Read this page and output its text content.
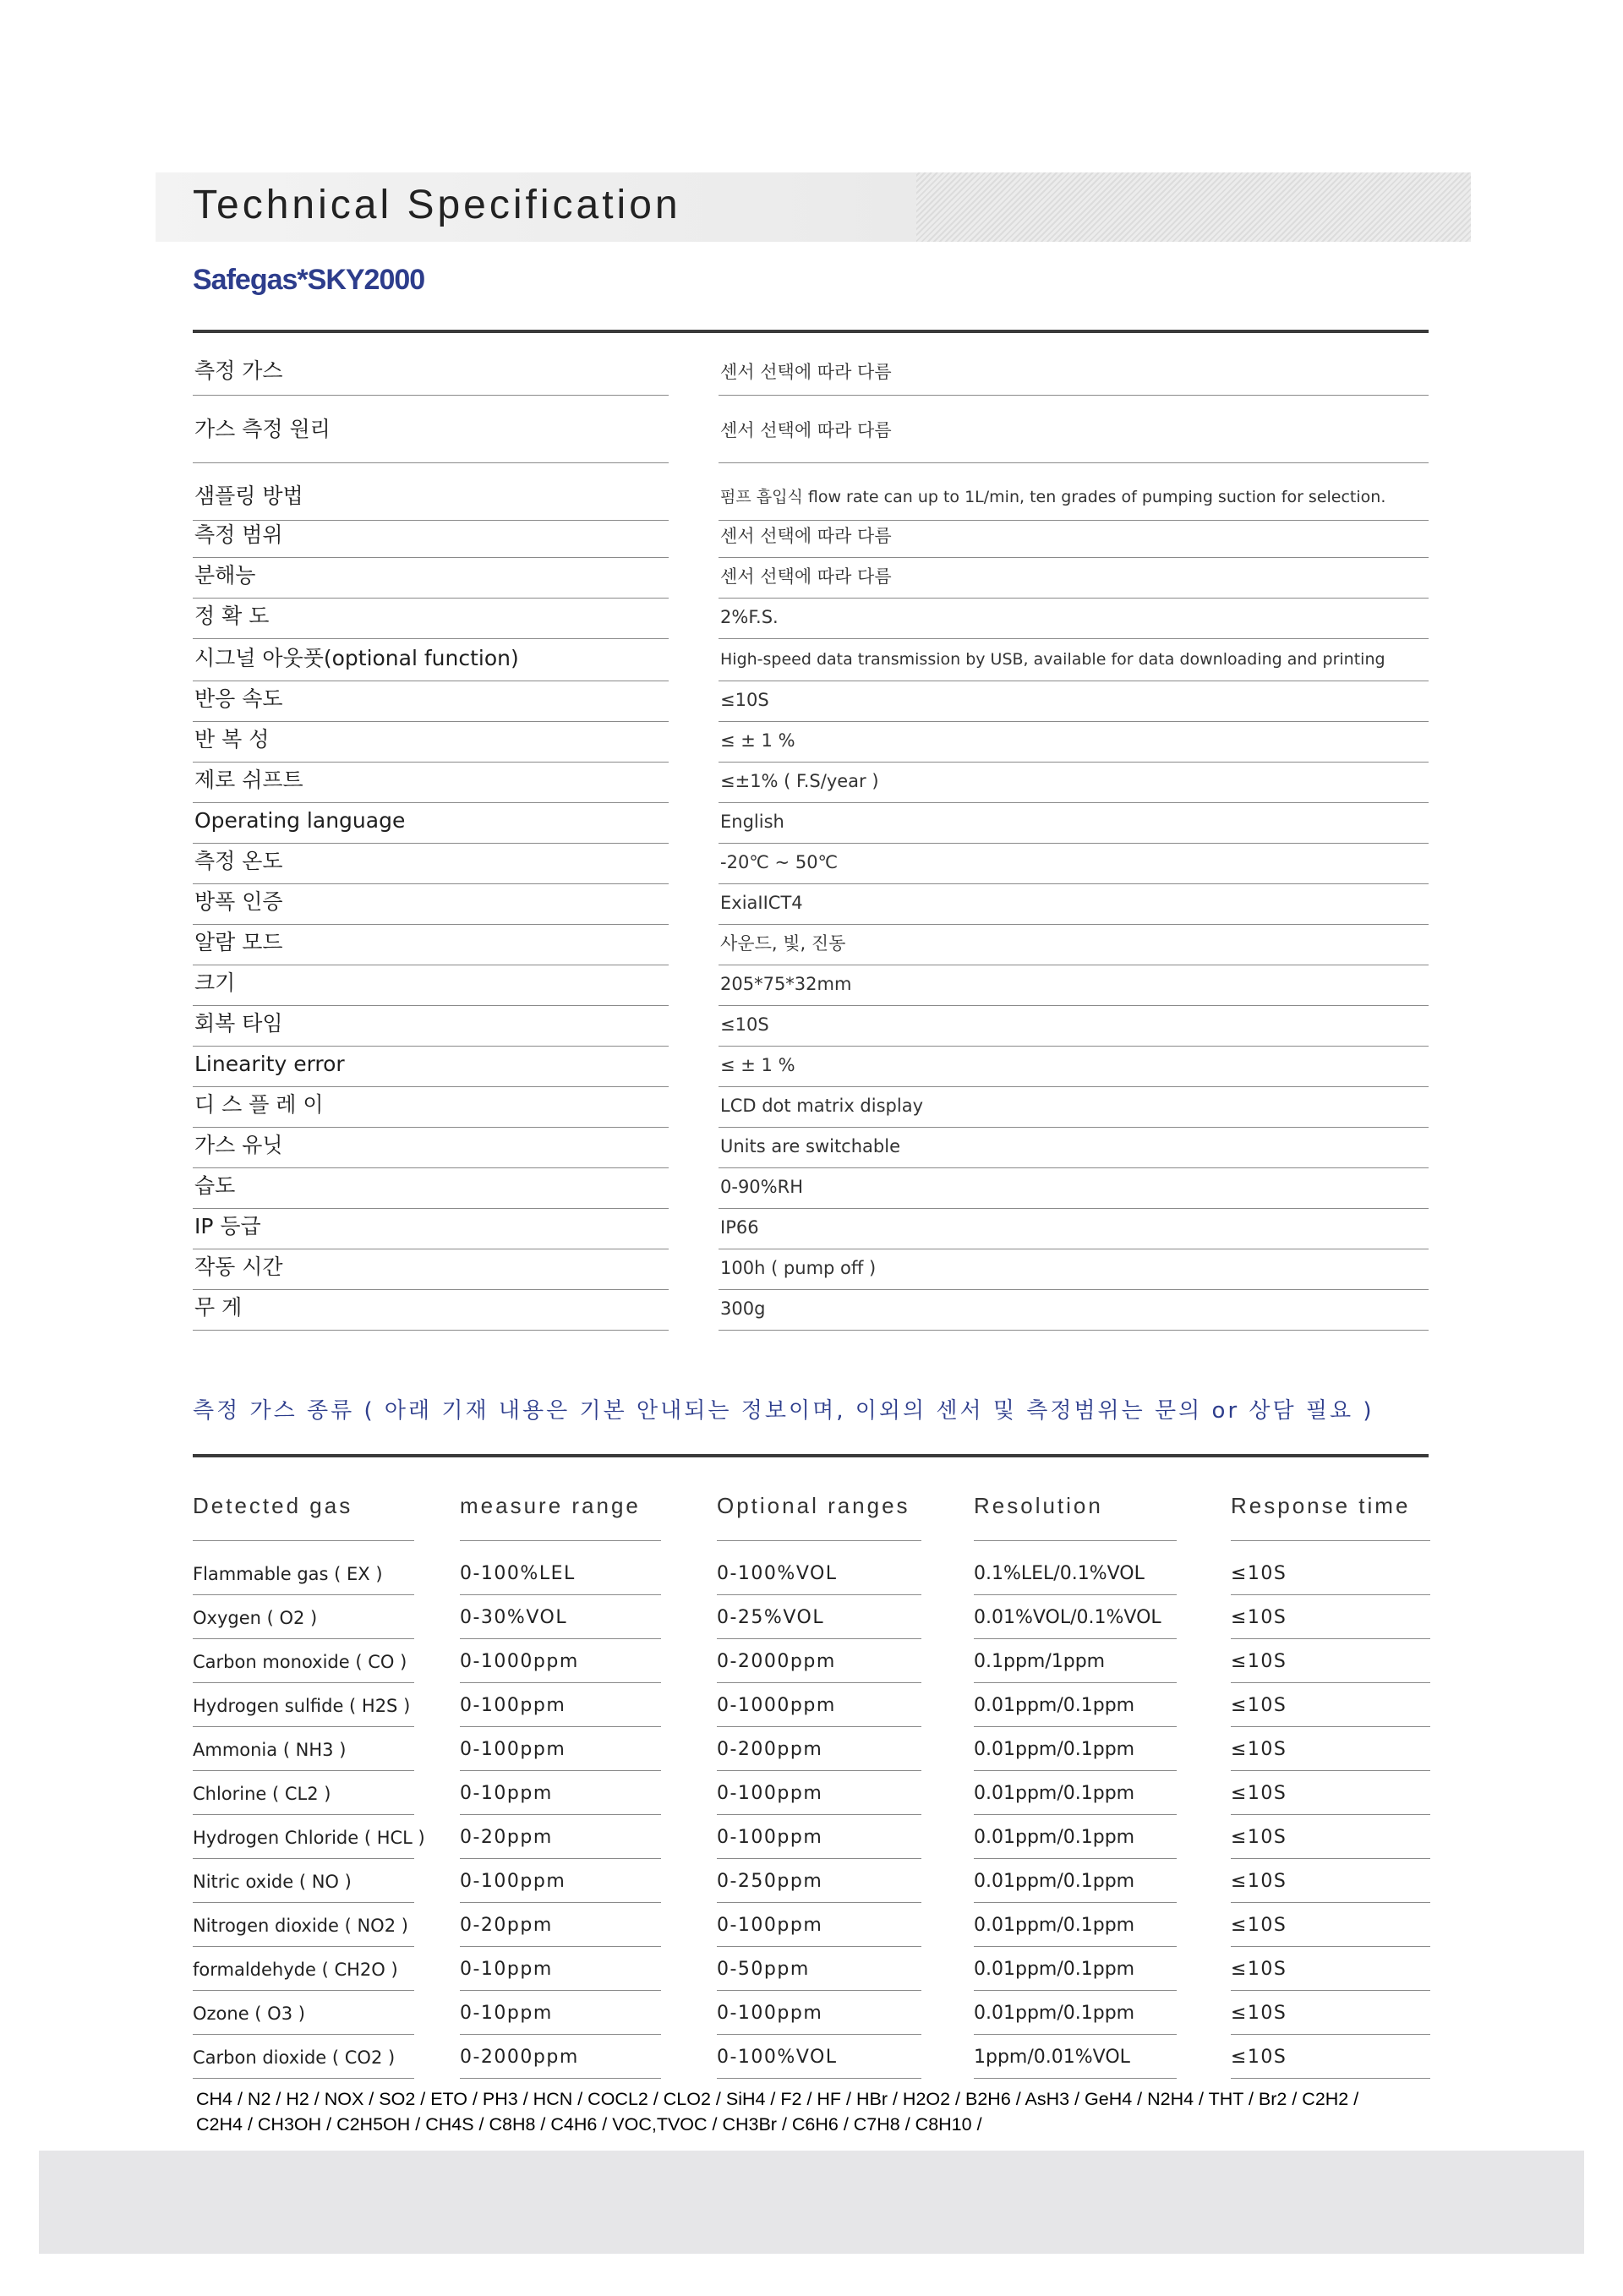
Technical Specification
Safegas*SKY2000
측정 가스	센서 선택에 따라 다름
가스 측정 원리	센서 선택에 따라 다름
샘플링 방법	펌프 흡입식 flow rate can up to 1L/min, ten grades of pumping suction for selection.
측정 범위	센서 선택에 따라 다름
분해능	센서 선택에 따라 다름
정 확 도	2%F.S.
시그널 아웃풋(optional function)	High-speed data transmission by USB, available for data downloading and printing
반응 속도	≤10S
반 복 성	≤ ± 1 %
제로 쉬프트	≤±1% ( F.S/year )
Operating language	English
측정 온도	-20℃ ~ 50℃
방폭 인증	ExiaIICT4
알람 모드	사운드, 빛, 진동
크기	205*75*32mm
회복 타임	≤10S
Linearity error	≤ ± 1 %
디 스 플 레 이	LCD dot matrix display
가스 유닛	Units are switchable
습도	0-90%RH
IP 등급	IP66
작동 시간	100h ( pump off )
무 게	300g
측정 가스 종류 ( 아래 기재 내용은 기본 안내되는 정보이며, 이외의 센서 및 측정범위는 문의 or 상담 필요 )
Detected gas	measure range	Optional ranges	Resolution	Response time
Flammable gas ( EX )	0-100%LEL	0-100%VOL	0.1%LEL/0.1%VOL	≤10S
Oxygen ( O2 )	0-30%VOL	0-25%VOL	0.01%VOL/0.1%VOL	≤10S
Carbon monoxide ( CO )	0-1000ppm	0-2000ppm	0.1ppm/1ppm	≤10S
Hydrogen sulfide ( H2S )	0-100ppm	0-1000ppm	0.01ppm/0.1ppm	≤10S
Ammonia ( NH3 )	0-100ppm	0-200ppm	0.01ppm/0.1ppm	≤10S
Chlorine ( CL2 )	0-10ppm	0-100ppm	0.01ppm/0.1ppm	≤10S
Hydrogen Chloride ( HCL ) 0-20ppm	0-100ppm	0.01ppm/0.1ppm	≤10S
Nitric oxide ( NO )	0-100ppm	0-250ppm	0.01ppm/0.1ppm	≤10S
Nitrogen dioxide ( NO2 )	0-20ppm	0-100ppm	0.01ppm/0.1ppm	≤10S
formaldehyde ( CH2O )	0-10ppm	0-50ppm	0.01ppm/0.1ppm	≤10S
Ozone ( O3 )	0-10ppm	0-100ppm	0.01ppm/0.1ppm	≤10S
Carbon dioxide ( CO2 )	0-2000ppm	0-100%VOL	1ppm/0.01%VOL	≤10S
CH4 / N2 / H2 / NOX / SO2 / ETO / PH3 / HCN / COCL2 / CLO2 / SiH4 / F2 / HF / HBr / H2O2 / B2H6 / AsH3 / GeH4 / N2H4 / THT / Br2 / C2H2 /
C2H4 / CH3OH / C2H5OH / CH4S / C8H8 / C4H6 / VOC,TVOC / CH3Br / C6H6 / C7H8 / C8H10 /
